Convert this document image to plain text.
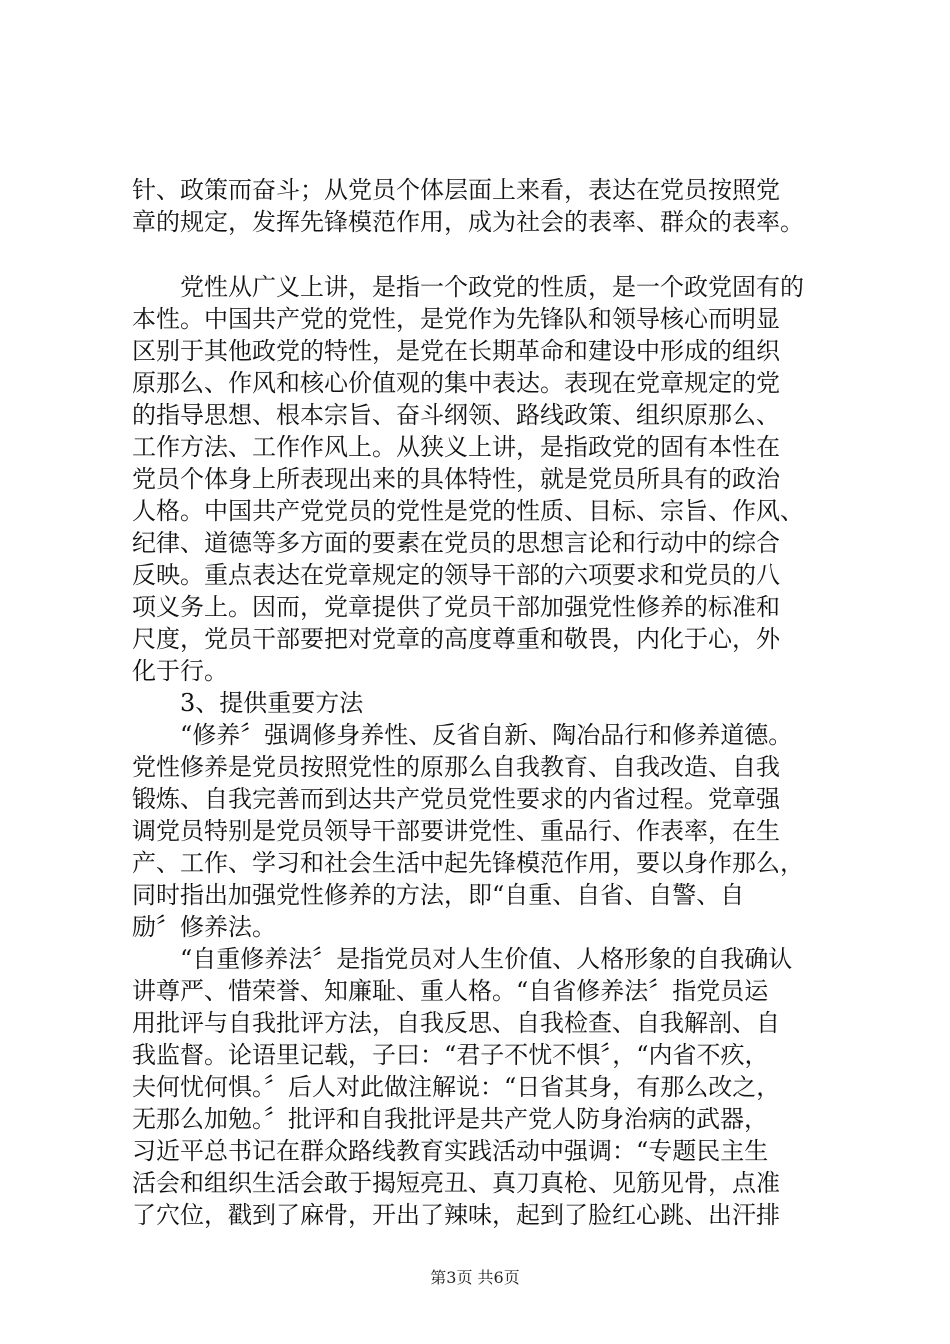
针、政策而奋斗；从党员个体层面上来看，表达在党员按照党
章的规定，发挥先锋模范作用，成为社会的表率、群众的表率。
党性从广义上讲，是指一个政党的性质，是一个政党固有的
本性。中国共产党的党性，是党作为先锋队和领导核心而明显
区别于其他政党的特性，是党在长期革命和建设中形成的组织
原那么、作风和核心价值观的集中表达。表现在党章规定的党
的指导思想、根本宗旨、奋斗纲领、路线政策、组织原那么、
工作方法、工作作风上。从狭义上讲，是指政党的固有本性在
党员个体身上所表现出来的具体特性，就是党员所具有的政治
人格。中国共产党党员的党性是党的性质、目标、宗旨、作风、
纪律、道德等多方面的要素在党员的思想言论和行动中的综合
反映。重点表达在党章规定的领导干部的六项要求和党员的八
项义务上。因而，党章提供了党员干部加强党性修养的标准和
尺度，党员干部要把对党章的高度尊重和敬畏，内化于心，外
化于行。
3、提供重要方法
“修养〞强调修身养性、反省自新、陶冶品行和修养道德。
党性修养是党员按照党性的原那么自我教育、自我改造、自我
锻炼、自我完善而到达共产党员党性要求的内省过程。党章强
调党员特别是党员领导干部要讲党性、重品行、作表率，在生
产、工作、学习和社会生活中起先锋模范作用，要以身作那么，
同时指出加强党性修养的方法，即“自重、自省、自警、自
励〞修养法。
“自重修养法〞是指党员对人生价值、人格形象的自我确认
讲尊严、惜荣誉、知廉耻、重人格。“自省修养法〞指党员运
用批评与自我批评方法，自我反思、自我检查、自我解剖、自
我监督。论语里记载，子曰：“君子不忧不惧〞，“内省不疚，
夫何忧何惧。〞后人对此做注解说：“日省其身，有那么改之，
无那么加勉。〞批评和自我批评是共产党人防身治病的武器，
习近平总书记在群众路线教育实践活动中强调：“专题民主生
活会和组织生活会敢于揭短亮丑、真刀真枪、见筋见骨，点准
了穴位，戳到了麻骨，开出了辣味，起到了脸红心跳、出汗排
第3页 共6页
